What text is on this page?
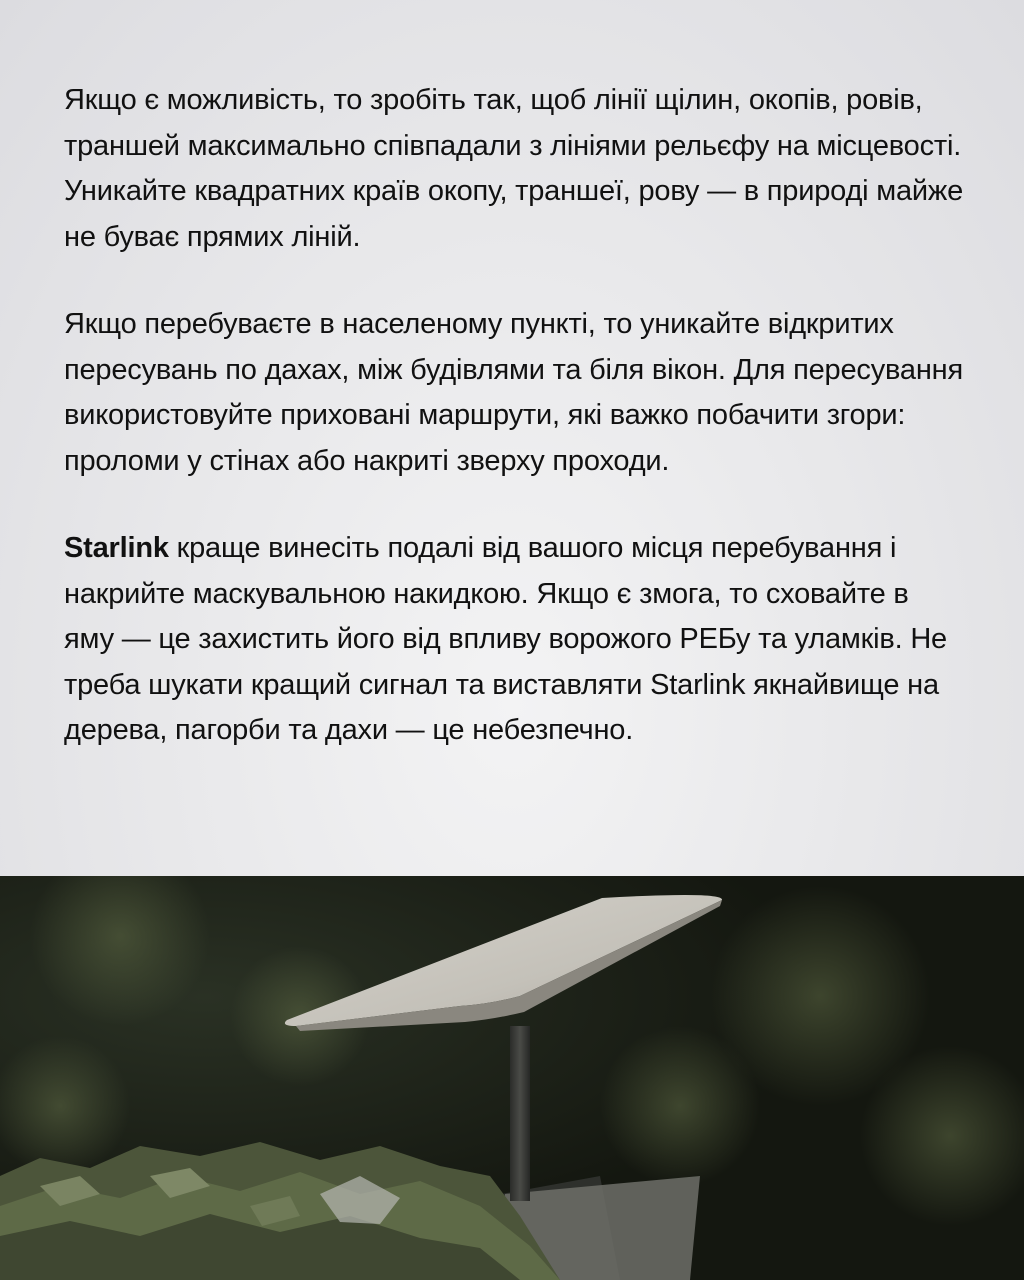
Якщо є можливість, то зробіть так, щоб лінії щілин, окопів, ровів, траншей максимально співпадали з лініями рельєфу на місцевості. Уникайте квадратних країв окопу, траншеї, рову — в природі майже не буває прямих ліній.

Якщо перебуваєте в населеному пункті, то уникайте відкритих пересувань по дахах, між будівлями та біля вікон. Для пересування використовуйте приховані маршрути, які важко побачити згори: проломи у стінах або накриті зверху проходи.

Starlink краще винесіть подалі від вашого місця перебування і накрийте маскувальною накидкою. Якщо є змога, то сховайте в яму — це захистить його від впливу ворожого РЕБу та уламків. Не треба шукати кращий сигнал та виставляти Starlink якнайвище на дерева, пагорби та дахи — це небезпечно.
